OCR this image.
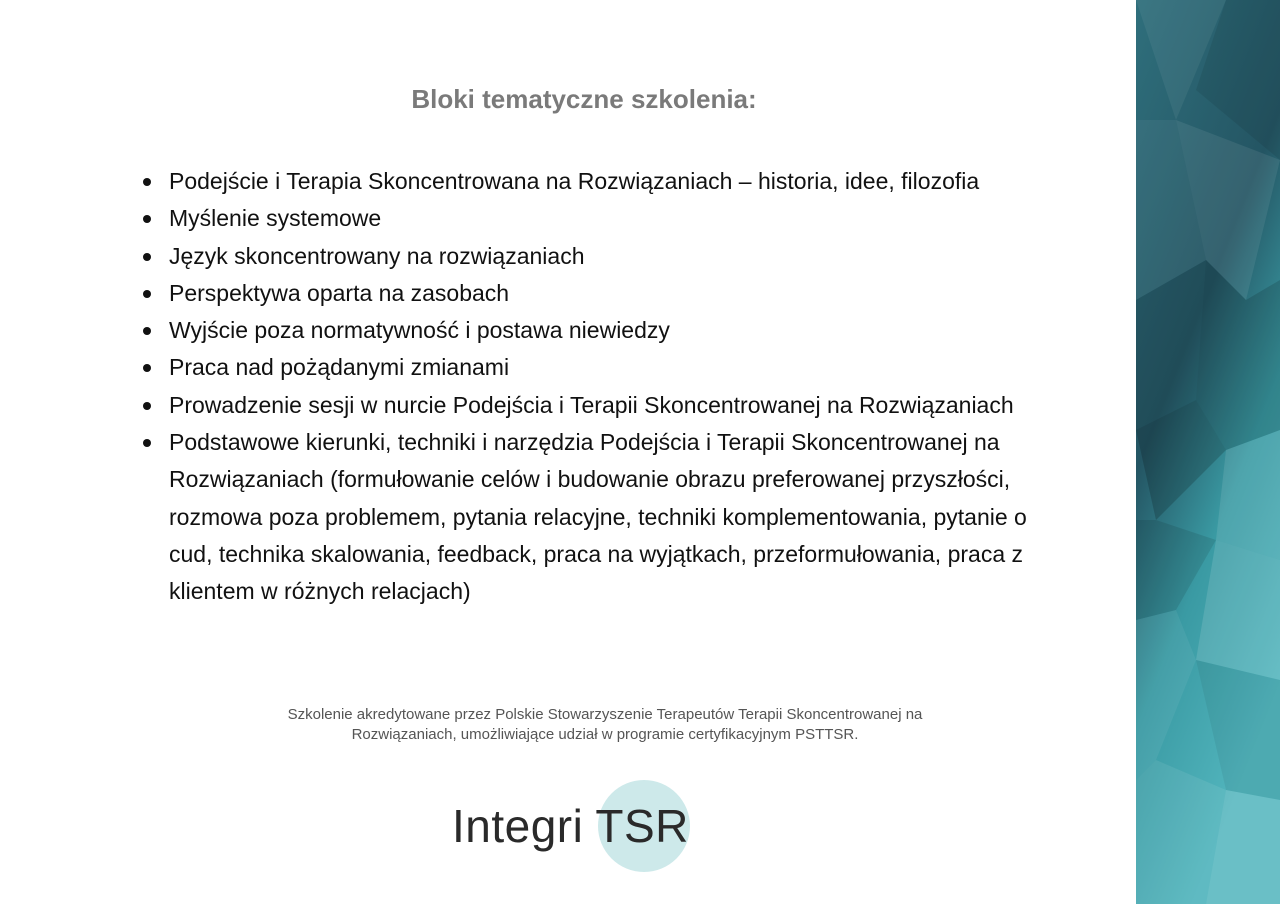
Bloki tematyczne szkolenia:
Podejście i Terapia Skoncentrowana na Rozwiązaniach – historia, idee, filozofia
Myślenie systemowe
Język skoncentrowany na rozwiązaniach
Perspektywa oparta na zasobach
Wyjście poza normatywność i postawa niewiedzy
Praca nad pożądanymi zmianami
Prowadzenie sesji w nurcie Podejścia i Terapii Skoncentrowanej na Rozwiązaniach
Podstawowe kierunki, techniki i narzędzia Podejścia i Terapii Skoncentrowanej na Rozwiązaniach (formułowanie celów i budowanie obrazu preferowanej przyszłości, rozmowa poza problemem, pytania relacyjne, techniki komplementowania, pytanie o cud, technika skalowania, feedback, praca na wyjątkach, przeformułowania, praca z klientem w różnych relacjach)

Szkolenie akredytowane przez Polskie Stowarzyszenie Terapeutów Terapii Skoncentrowanej na
Rozwiązaniach, umożliwiające udział w programie certyfikacyjnym PSTTSR.

Integri TSR
